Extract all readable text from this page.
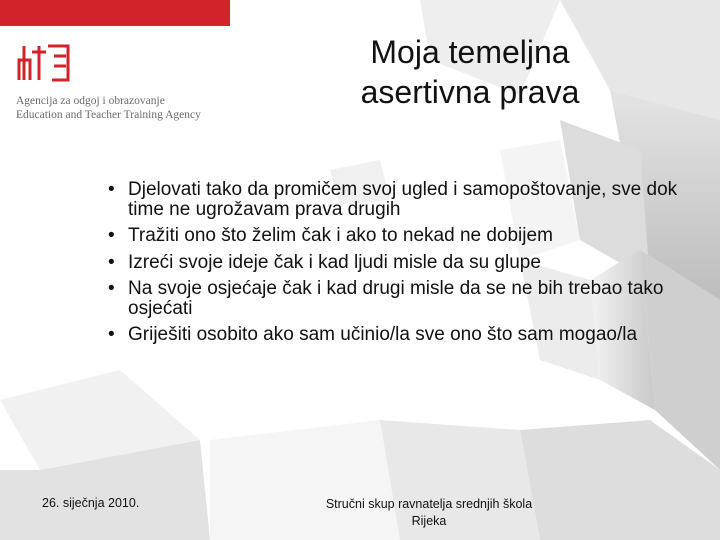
Agencija za odgoj i obrazovanje
Education and Teacher Training Agency
Moja temeljna
asertivna prava
• Djelovati tako da promičem svoj ugled i samopoštovanje, sve dok time ne ugrožavam prava drugih
• Tražiti ono što želim čak i ako to nekad ne dobijem
• Izreći svoje ideje čak i kad ljudi misle da su glupe
• Na svoje osjećaje čak i kad drugi misle da se ne bih trebao tako osjećati
• Griješiti osobito ako sam učinio/la sve ono što sam mogao/la
26. siječnja 2010.	Stručni skup ravnatelja srednjih škola
Rijeka
